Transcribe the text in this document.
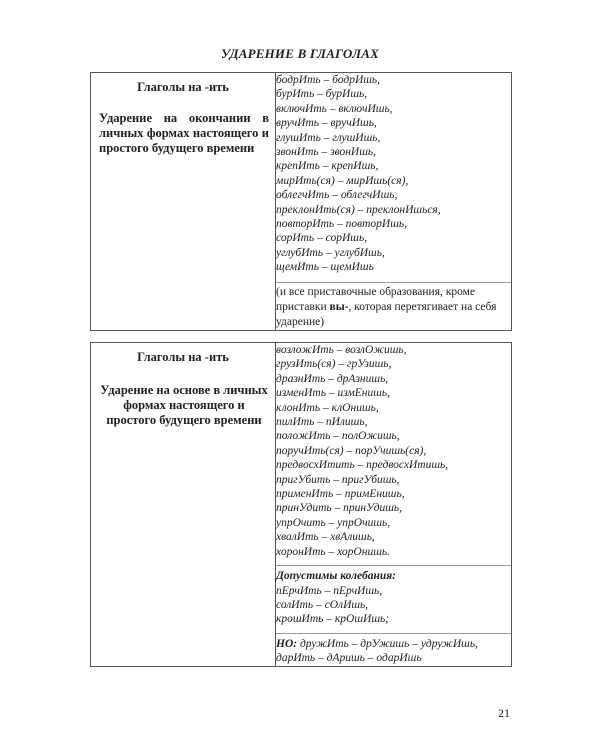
УДАРЕНИЕ В ГЛАГОЛАХ
Глаголы на -ить
Ударение на окончании в личных формах настоящего и простого будущего времени

бодрИть – бодрИшь,
бурИть – бурИшь,
включИть – включИшь,
вручИть – вручИшь,
глушИть – глушИшь,
звонИть – звонИшь,
крепИть – крепИшь,
мирИть(ся) – мирИшь(ся),
облегчИть – облегчИшь,
преклонИть(ся) – преклонИшься,
повторИть – повторИшь,
сорИть – сорИшь,
углубИть – углубИшь,
щемИть – щемИшь
(и все приставочные образования, кроме приставки вы-, которая перетягивает на себя ударение)
Глаголы на -ить
Ударение на основе в личных формах настоящего и простого будущего времени

возложИть – возлОжишь,
грузИть(ся) – грУзишь,
дразнИть – дрАзнишь,
изменИть – измЕнишь,
клонИть – клОнишь,
пилИть – пИлишь,
положИть – полОжишь,
поручИть(ся) – порУчишь(ся),
предвосхИтить – предвосхИтишь,
пригУбить – пригУбишь,
применИть – примЕнишь,
принУдить – принУдишь,
упрОчить – упрОчишь,
хвалИть – хвАлишь,
хоронИть – хорОнишь.
Допустимы колебания:
пЕрчИть – пЕрчИшь,
солИть – сОлИшь,
крошИть – крОшИшь;
НО: дружИть – дрУжишь – удружИшь,
дарИть – дАришь – одарИшь
21
